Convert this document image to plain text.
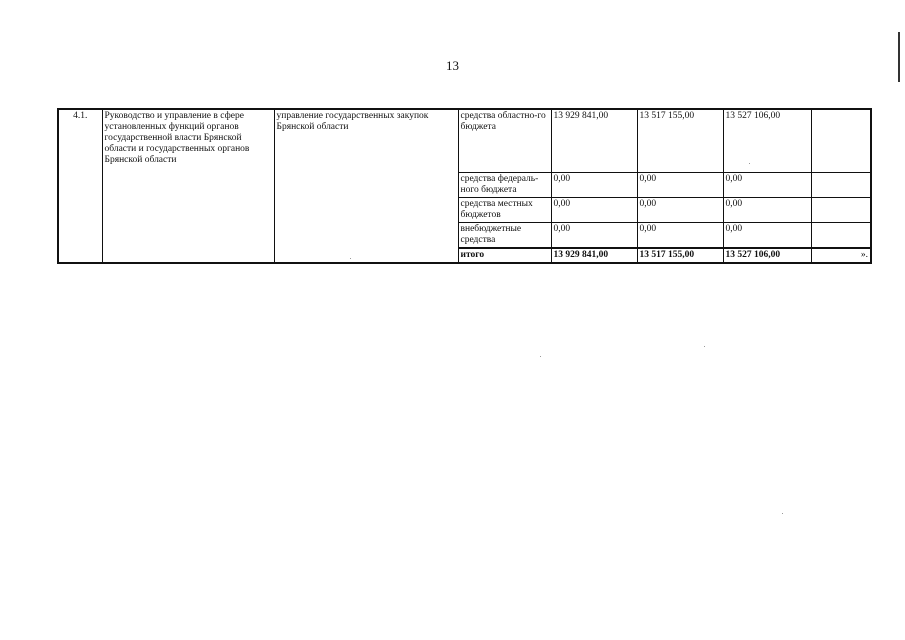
13
4.1.	Руководство и управление в сфере установленных функций органов государственной власти Брянской области и государственных органов Брянской области	управление государственных закупок Брянской области	средства областно-го бюджета	13 929 841,00	13 517 155,00	13 527 106,00	
			средства федераль-ного бюджета	0,00	0,00	0,00	
			средства местных бюджетов	0,00	0,00	0,00	
			внебюджетные средства	0,00	0,00	0,00	
			итого	13 929 841,00	13 517 155,00	13 527 106,00	».
